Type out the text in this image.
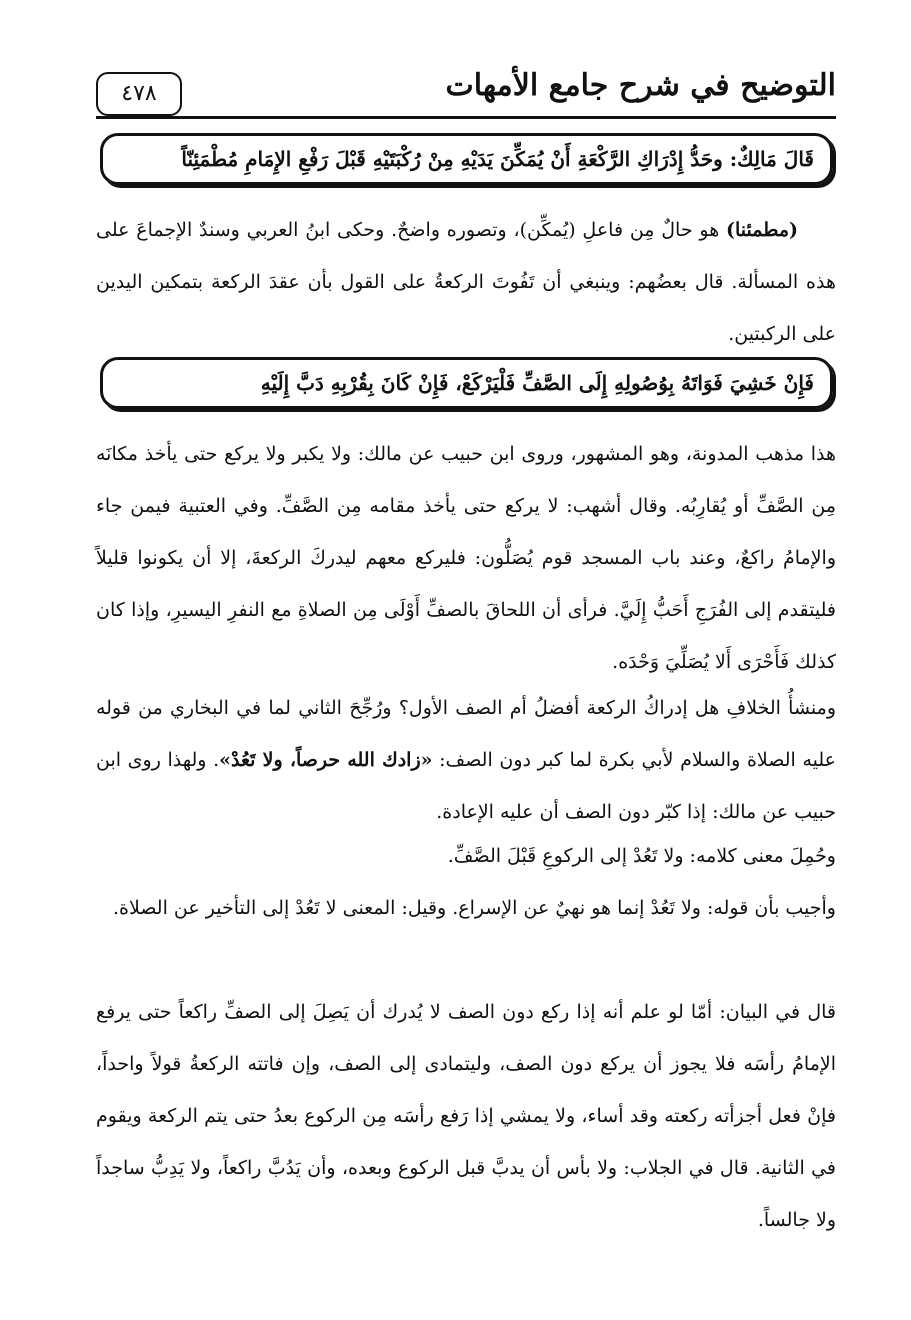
التوضيح في شرح جامع الأمهات
٤٧٨
قَالَ مَالِكٌ: وحَدُّ إِدْرَاكِ الرَّكْعَةِ أَنْ يُمَكِّنَ يَدَيْهِ مِنْ رُكْبَتَيْهِ قَبْلَ رَفْعِ الإِمَامِ مُطْمَئِنّاً

  (مطمئنا) هو حالٌ مِن فاعلِ (يُمكِّن)، وتصوره واضحٌ. وحكى ابنُ العربي وسندٌ الإجماعَ على هذه المسألة. قال بعضُهم: وينبغي أن تَفُوتَ الركعةُ على القول بأن عقدَ الركعة بتمكين اليدين على الركبتين.

فَإِنْ خَشِيَ فَوَاتَهُ بِوُصُولِهِ إِلَى الصَّفِّ فَلْيَرْكَعْ، فَإِنْ كَانَ بِقُرْبِهِ دَبَّ إِلَيْهِ

هذا مذهب المدونة، وهو المشهور، وروى ابن حبيب عن مالك: ولا يكبر ولا يركع حتى يأخذ مكانَه مِن الصَّفِّ أو يُقارِبُه. وقال أشهب: لا يركع حتى يأخذ مقامه مِن الصَّفِّ. وفي العتبية فيمن جاء والإمامُ راكعٌ، وعند باب المسجد قوم يُصَلُّون: فليركع معهم ليدركَ الركعةَ، إلا أن يكونوا قليلاً فليتقدم إلى الفُرَجِ أَحَبُّ إِلَيَّ. فرأى أن اللحاقَ بالصفِّ أَوْلَى مِن الصلاةِ مع النفرِ اليسيرِ، وإذا كان كذلك فَأَحْرَى أَلا يُصَلِّيَ وَحْدَه.

ومنشأُ الخلافِ هل إدراكُ الركعة أفضلُ أم الصف الأول؟ ورُجِّحَ الثاني لما في البخاري من قوله عليه الصلاة والسلام لأبي بكرة لما كبر دون الصف: «زادك الله حرصاً، ولا تَعُدْ». ولهذا روى ابن حبيب عن مالك: إذا كبّر دون الصف أن عليه الإعادة.

وحُمِلَ معنى كلامه: ولا تَعُدْ إلى الركوعِ قَبْلَ الصَّفِّ.

وأجيب بأن قوله: ولا تَعُدْ إنما هو نهيٌ عن الإسراع. وقيل: المعنى لا تَعُدْ إلى التأخير عن الصلاة.

قال في البيان: أمّا لو علم أنه إذا ركع دون الصف لا يُدرك أن يَصِلَ إلى الصفِّ راكعاً حتى يرفع الإمامُ رأسَه فلا يجوز أن يركع دون الصف، وليتمادى إلى الصف، وإن فاتته الركعةُ قولاً واحداً، فإنْ فعل أجزأته ركعته وقد أساء، ولا يمشي إذا رَفع رأسَه مِن الركوع بعدُ حتى يتم الركعة ويقوم في الثانية. قال في الجلاب: ولا بأس أن يدبَّ قبل الركوع وبعده، وأن يَدُبَّ راكعاً، ولا يَدِبُّ ساجداً ولا جالساً.
